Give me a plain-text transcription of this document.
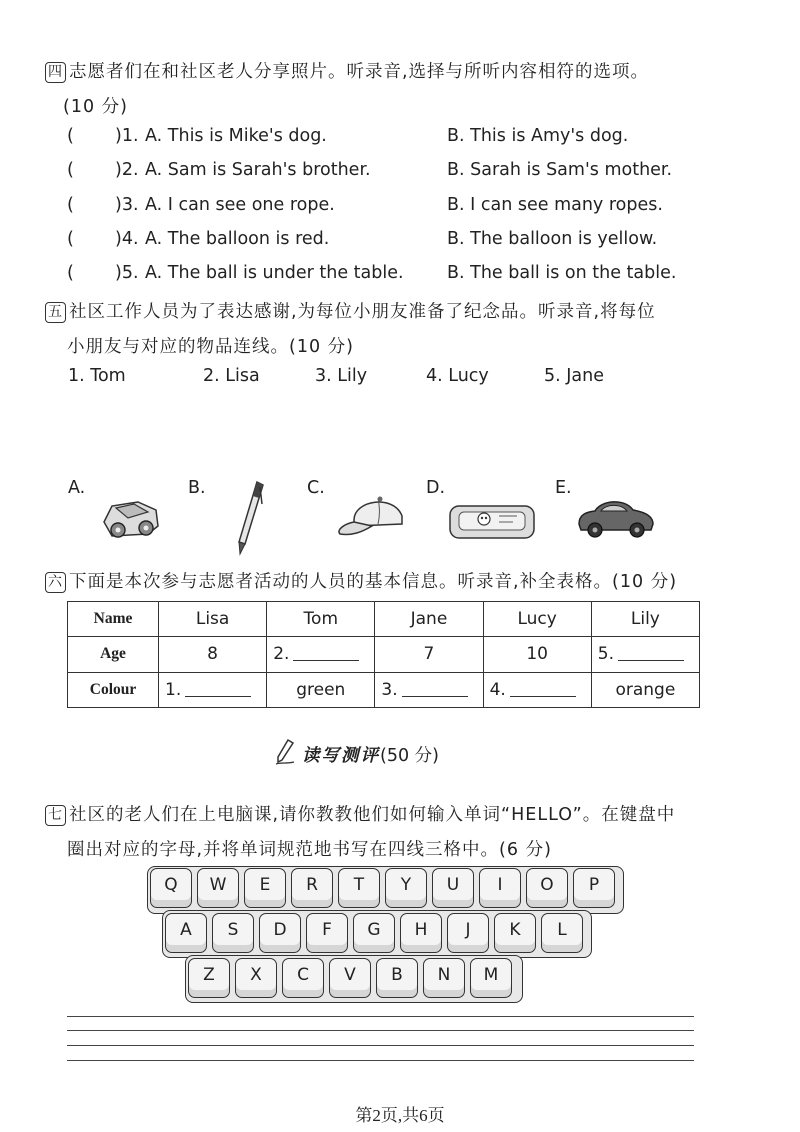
四 志愿者们在和社区老人分享照片。听录音,选择与所听内容相符的选项。
(10 分)
( )1. A. This is Mike's dog.	B. This is Amy's dog.
( )2. A. Sam is Sarah's brother.	B. Sarah is Sam's mother.
( )3. A. I can see one rope.	B. I can see many ropes.
( )4. A. The balloon is red.	B. The balloon is yellow.
( )5. A. The ball is under the table. B. The ball is on the table.
五 社区工作人员为了表达感谢,为每位小朋友准备了纪念品。听录音,将每位
小朋友与对应的物品连线。(10 分)
1. Tom	2. Lisa	3. Lily	4. Lucy	5. Jane
A.	B.	C.	D.	E.
六 下面是本次参与志愿者活动的人员的基本信息。听录音,补全表格。(10 分)
Name	Lisa	Tom	Jane	Lucy	Lily
Age	8	2.	7	10	5.
Colour	1.	green	3.	4.	orange
读写测评(50 分)
七 社区的老人们在上电脑课,请你教教他们如何输入单词“HELLO”。在键盘中
圈出对应的字母,并将单词规范地书写在四线三格中。(6 分)
Q	W	E	R	T	Y	U	I	O	P
A	S	D	F	G	H	J	K	L
Z	X	C	V	B	N	M
第2页,共6页
